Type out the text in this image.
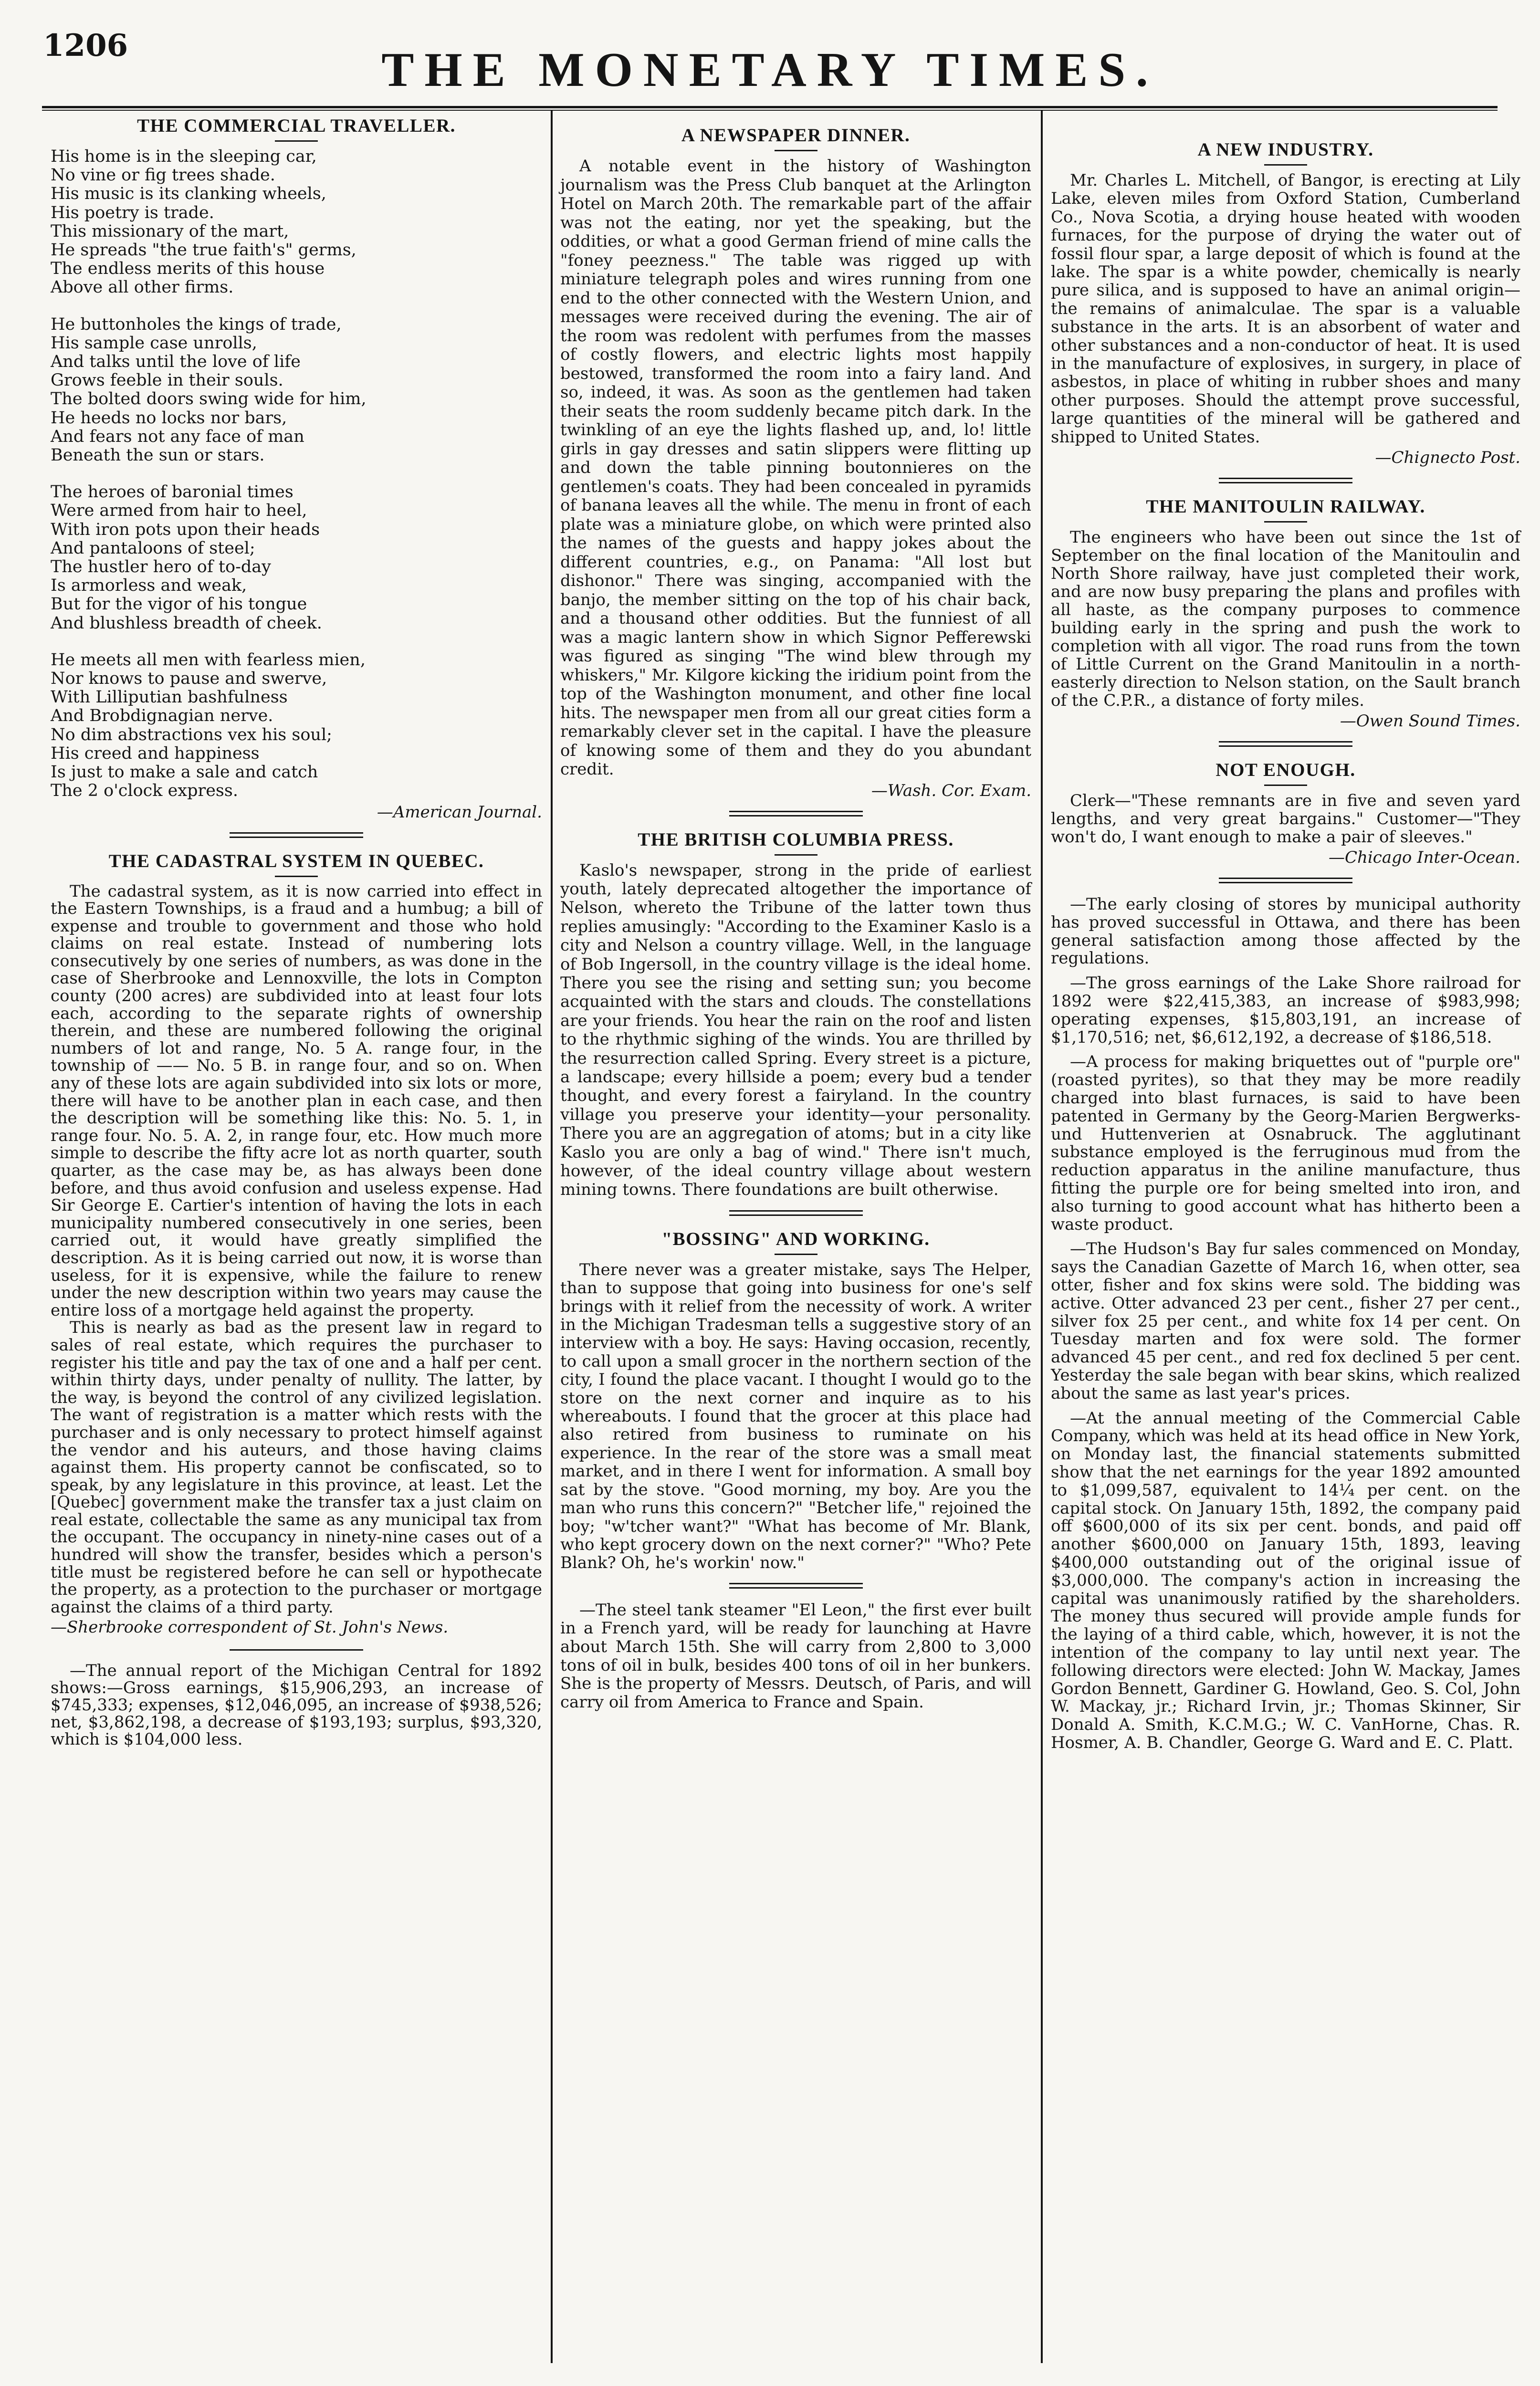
1206	THE MONETARY TIMES.
THE COMMERCIAL TRAVELLER.

His home is in the sleeping car,
No vine or fig trees shade.
His music is its clanking wheels,
His poetry is trade.
This missionary of the mart,
He spreads "the true faith's" germs,
The endless merits of this house
Above all other firms.

He buttonholes the kings of trade,
His sample case unrolls,
And talks until the love of life
Grows feeble in their souls.
The bolted doors swing wide for him,
He heeds no locks nor bars,
And fears not any face of man
Beneath the sun or stars.

The heroes of baronial times
Were armed from hair to heel,
With iron pots upon their heads
And pantaloons of steel;
The hustler hero of to-day
Is armorless and weak,
But for the vigor of his tongue
And blushless breadth of cheek.

He meets all men with fearless mien,
Nor knows to pause and swerve,
With Lilliputian bashfulness
And Brobdignagian nerve.
No dim abstractions vex his soul;
His creed and happiness
Is just to make a sale and catch
The 2 o'clock express.

—American Journal.

THE CADASTRAL SYSTEM IN QUEBEC.

The cadastral system, as it is now carried into effect in the Eastern Townships, is a fraud and a humbug; a bill of expense and trouble to government and those who hold claims on real estate. Instead of numbering lots consecutively by one series of numbers, as was done in the case of Sherbrooke and Lennoxville, the lots in Compton county (200 acres) are subdivided into at least four lots each, according to the separate rights of ownership therein, and these are numbered following the original numbers of lot and range, No. 5 A. range four, in the township of —— No. 5 B. in range four, and so on. When any of these lots are again subdivided into six lots or more, there will have to be another plan in each case, and then the description will be something like this: No. 5. 1, in range four. No. 5. A. 2, in range four, etc. How much more simple to describe the fifty acre lot as north quarter, south quarter, as the case may be, as has always been done before, and thus avoid confusion and useless expense. Had Sir George E. Cartier's intention of having the lots in each municipality numbered consecutively in one series, been carried out, it would have greatly simplified the description. As it is being carried out now, it is worse than useless, for it is expensive, while the failure to renew under the new description within two years may cause the entire loss of a mortgage held against the property.

This is nearly as bad as the present law in regard to sales of real estate, which requires the purchaser to register his title and pay the tax of one and a half per cent. within thirty days, under penalty of nullity. The latter, by the way, is beyond the control of any civilized legislation. The want of registration is a matter which rests with the purchaser and is only necessary to protect himself against the vendor and his auteurs, and those having claims against them. His property cannot be confiscated, so to speak, by any legislature in this province, at least. Let the [Quebec] government make the transfer tax a just claim on real estate, collectable the same as any municipal tax from the occupant. The occupancy in ninety-nine cases out of a hundred will show the transfer, besides which a person's title must be registered before he can sell or hypothecate the property, as a protection to the purchaser or mortgage against the claims of a third party.

—Sherbrooke correspondent of St. John's News.

—The annual report of the Michigan Central for 1892 shows:—Gross earnings, $15,906,293, an increase of $745,333; expenses, $12,046,095, an increase of $938,526; net, $3,862,198, a decrease of $193,193; surplus, $93,320, which is $104,000 less.

A NEWSPAPER DINNER.

A notable event in the history of Washington journalism was the Press Club banquet at the Arlington Hotel on March 20th. The remarkable part of the affair was not the eating, nor yet the speaking, but the oddities, or what a good German friend of mine calls the "foney peezness." The table was rigged up with miniature telegraph poles and wires running from one end to the other connected with the Western Union, and messages were received during the evening. The air of the room was redolent with perfumes from the masses of costly flowers, and electric lights most happily bestowed, transformed the room into a fairy land. And so, indeed, it was. As soon as the gentlemen had taken their seats the room suddenly became pitch dark. In the twinkling of an eye the lights flashed up, and, lo! little girls in gay dresses and satin slippers were flitting up and down the table pinning boutonnieres on the gentlemen's coats. They had been concealed in pyramids of banana leaves all the while. The menu in front of each plate was a miniature globe, on which were printed also the names of the guests and happy jokes about the different countries, e.g., on Panama: "All lost but dishonor." There was singing, accompanied with the banjo, the member sitting on the top of his chair back, and a thousand other oddities. But the funniest of all was a magic lantern show in which Signor Pefferewski was figured as singing "The wind blew through my whiskers," Mr. Kilgore kicking the iridium point from the top of the Washington monument, and other fine local hits. The newspaper men from all our great cities form a remarkably clever set in the capital. I have the pleasure of knowing some of them and they do you abundant credit.

—Wash. Cor. Exam.

THE BRITISH COLUMBIA PRESS.

Kaslo's newspaper, strong in the pride of earliest youth, lately deprecated altogether the importance of Nelson, whereto the Tribune of the latter town thus replies amusingly: "According to the Examiner Kaslo is a city and Nelson a country village. Well, in the language of Bob Ingersoll, in the country village is the ideal home. There you see the rising and setting sun; you become acquainted with the stars and clouds. The constellations are your friends. You hear the rain on the roof and listen to the rhythmic sighing of the winds. You are thrilled by the resurrection called Spring. Every street is a picture, a landscape; every hillside a poem; every bud a tender thought, and every forest a fairyland. In the country village you preserve your identity—your personality. There you are an aggregation of atoms; but in a city like Kaslo you are only a bag of wind." There isn't much, however, of the ideal country village about western mining towns. There foundations are built otherwise.

"BOSSING" AND WORKING.

There never was a greater mistake, says The Helper, than to suppose that going into business for one's self brings with it relief from the necessity of work. A writer in the Michigan Tradesman tells a suggestive story of an interview with a boy. He says: Having occasion, recently, to call upon a small grocer in the northern section of the city, I found the place vacant. I thought I would go to the store on the next corner and inquire as to his whereabouts. I found that the grocer at this place had also retired from business to ruminate on his experience. In the rear of the store was a small meat market, and in there I went for information. A small boy sat by the stove. "Good morning, my boy. Are you the man who runs this concern?" "Betcher life," rejoined the boy; "w'tcher want?" "What has become of Mr. Blank, who kept grocery down on the next corner?" "Who? Pete Blank? Oh, he's workin' now."

—The steel tank steamer "El Leon," the first ever built in a French yard, will be ready for launching at Havre about March 15th. She will carry from 2,800 to 3,000 tons of oil in bulk, besides 400 tons of oil in her bunkers. She is the property of Messrs. Deutsch, of Paris, and will carry oil from America to France and Spain.

A NEW INDUSTRY.

Mr. Charles L. Mitchell, of Bangor, is erecting at Lily Lake, eleven miles from Oxford Station, Cumberland Co., Nova Scotia, a drying house heated with wooden furnaces, for the purpose of drying the water out of fossil flour spar, a large deposit of which is found at the lake. The spar is a white powder, chemically is nearly pure silica, and is supposed to have an animal origin—the remains of animalculae. The spar is a valuable substance in the arts. It is an absorbent of water and other substances and a non-conductor of heat. It is used in the manufacture of explosives, in surgery, in place of asbestos, in place of whiting in rubber shoes and many other purposes. Should the attempt prove successful, large quantities of the mineral will be gathered and shipped to United States.

—Chignecto Post.

THE MANITOULIN RAILWAY.

The engineers who have been out since the 1st of September on the final location of the Manitoulin and North Shore railway, have just completed their work, and are now busy preparing the plans and profiles with all haste, as the company purposes to commence building early in the spring and push the work to completion with all vigor. The road runs from the town of Little Current on the Grand Manitoulin in a north-easterly direction to Nelson station, on the Sault branch of the C.P.R., a distance of forty miles.

—Owen Sound Times.

NOT ENOUGH.

Clerk—"These remnants are in five and seven yard lengths, and very great bargains." Customer—"They won't do, I want enough to make a pair of sleeves."

—Chicago Inter-Ocean.

—The early closing of stores by municipal authority has proved successful in Ottawa, and there has been general satisfaction among those affected by the regulations.

—The gross earnings of the Lake Shore railroad for 1892 were $22,415,383, an increase of $983,998; operating expenses, $15,803,191, an increase of $1,170,516; net, $6,612,192, a decrease of $186,518.

—A process for making briquettes out of "purple ore" (roasted pyrites), so that they may be more readily charged into blast furnaces, is said to have been patented in Germany by the Georg-Marien Bergwerks-und Huttenverien at Osnabruck. The agglutinant substance employed is the ferruginous mud from the reduction apparatus in the aniline manufacture, thus fitting the purple ore for being smelted into iron, and also turning to good account what has hitherto been a waste product.

—The Hudson's Bay fur sales commenced on Monday, says the Canadian Gazette of March 16, when otter, sea otter, fisher and fox skins were sold. The bidding was active. Otter advanced 23 per cent., fisher 27 per cent., silver fox 25 per cent., and white fox 14 per cent. On Tuesday marten and fox were sold. The former advanced 45 per cent., and red fox declined 5 per cent. Yesterday the sale began with bear skins, which realized about the same as last year's prices.

—At the annual meeting of the Commercial Cable Company, which was held at its head office in New York, on Monday last, the financial statements submitted show that the net earnings for the year 1892 amounted to $1,099,587, equivalent to 14¼ per cent. on the capital stock. On January 15th, 1892, the company paid off $600,000 of its six per cent. bonds, and paid off another $600,000 on January 15th, 1893, leaving $400,000 outstanding out of the original issue of $3,000,000. The company's action in increasing the capital was unanimously ratified by the shareholders. The money thus secured will provide ample funds for the laying of a third cable, which, however, it is not the intention of the company to lay until next year. The following directors were elected: John W. Mackay, James Gordon Bennett, Gardiner G. Howland, Geo. S. Col, John W. Mackay, jr.; Richard Irvin, jr.; Thomas Skinner, Sir Donald A. Smith, K.C.M.G.; W. C. VanHorne, Chas. R. Hosmer, A. B. Chandler, George G. Ward and E. C. Platt.
